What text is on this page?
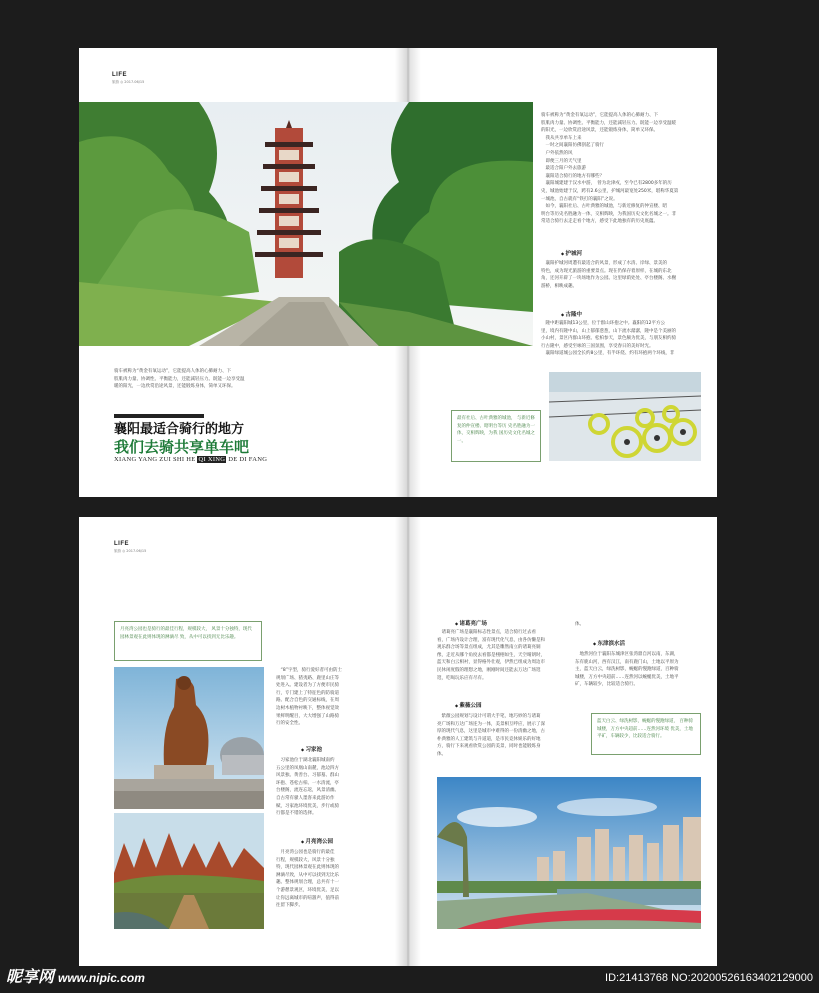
LIFE
旅游 ◎ 2017.06/15

骑车被称为“黄金有氧运动”，它能提高人体的心肺耐力、下
肢肌肉力量、协调性、平衡能力，还能减轻压力。既能一边享受温
暖的阳光，一边欣赏沿途风景，还能锻炼身体，简单又环保。

襄阳最适合骑行的地方
我们去骑共享单车吧
XIANG YANG ZUI SHI HE QI XING DE DI FANG

骑车被称为“黄金有氧运动”，它能提高人体的心肺耐力、下
肢肌肉力量、协调性、平衡能力，还能减轻压力。既能一边享受温暖
的阳光，一边欣赏沿途风景，还能锻炼身体，简单又环保。
　我从共享单车上来
　一时之间襄阳仿佛刮起了骑行
　户外依然的风
　即便三月的天气里
　最适合阳户外去旅游
　襄阳适合骑行的地方有哪些？
　襄阳城建建于汉水中游，　曾为北津戍，至今已有2800多年的历
史，城池始建于汉，跨有2.6公里，护城河最宽处250米，堪称华夏第
一城池，自古就有“铁打的襄阳”之说。
　如今，襄阳社后、古叶典雅的城池，与新近修复的仲宣楼、昭
明台等历史名胜融为一体，交相辉映，为我国历史文化名城之一。非
常适合骑行去走走看个地方，感受下此地独有的历史底蕴。

◆ 护城河

　襄阳护城河周遭有最适合的风景，形成了水清、岸绿、景美的
特色，成为现光旅游的重要景点。现在仍保存着原样，在城的东北
角，还河开辟了一块场地作为公园。这里绿荫处处、亭台楼阁、水榭
游桥，相映成趣。

◆ 古隆中

　隆中距襄阳城13公里，位于群山环抱之中。襄阳的12平方公
里，境内有隆中山，山上郁郁葱葱，山下流水潺潺，隆中是个美丽的
小山村，景区内群山环抱、松柏参天，景色颇为优美，与朋友相约骑
行古隆中，感受至咏的三国氛围，享受春日的美好时光。
　襄阳绿道城公园全长约8公里，有半环绕、约有环抱两个环线，非

最有社后、古叶典雅的城池， 与新近修复的仲宣楼、昭明台等历 史名胜融为一体，交相辉映，为我 国历史文化名城之一。
LIFE
旅游 ◎ 2017.06/15
月亮湾公园也是骑行的最佳行程，规模较大， 风景十分独特，现代园林景观在此则体现的淋漓尽 致，从中可以找到无比乐趣。

　“8”字型，骑行爱好者可由防士
规划广场、猪夷路、鹿里山庄等
处进入。建设者为了方便市民骑
行，专门建上了特征色的防骑道
路。配合自色的交通标线，在周
边树木植物衬映下，整体视觉效
果鲜明醒目，大大增强了山路骑
行的安全性。

◆ 习家池

　习家池位于湖北襄阳城南约
五公里的凤凰山南麓，池边四方
风景独、黄善台、习郁墓、群山
环抱、苍松古柏、一水清流，亭
台楼阁，流连忘返，风景清幽。
自古常有骚人墨客来此游访作
赋，习家池环境优美，步行或骑
行都是不错的选择。

◆ 月亮湾公园

　月亮湾公园也是骑行的最佳
行程，规模较大，风景十分独
特，现代园林景观在此则体现的
淋漓尽致，从中可以找到无比乐
趣。整体规划合理，总共有十一
个游憩景观区，环境优美，足以
让你远离城市的喧嚣声，值得前
往留下脚步。

◆ 诸葛亮广场

　诸葛亮广场是襄阳标志性景点，适合骑行过去看
看，广场内设计合理，富有现代化气息，由各仿懒是和
观乐群合场等景点组成，尤其是雕然南立的诸葛亮铜
像，走近从哪个角度去看都是栩栩如生，天空晴朗时，
蓝天和白云相衬，显得格外壮观，伊然已组成为周边市
民休闲度假的理想之地，刚刚时间还能去万达广场逛
逛，吃喝玩乐应有尽有。

◆ 紫薇公园

　紫薇公园规划与设计可谓大手笔，地巧妙的与诸葛
亮广场和万达广场连为一体，美景相互呼应，展示了深
厚的现代气息，这里是城市中难得的一份清幽之地，古
朴典雅的人工建筑与升道道，是市民竞休娱乐的好地
方，骑行下来观看欣赏公园的美景，同时也能锻炼身
体。

体。

◆ 东津滨水活

　地然河位于襄阳东城津区张湾鼎自河以南，东湖，
东有鹿山河，西有汉江，南有鹿门山，土地以平原为
主，蓝天白云，绿洗树影，蜿蜒的慢跑绿道，百种骑
城楼，万方中央超前……连然河以蜿蜒优美，土地平
矿，车辆较少，比较适合骑行。

蓝天白云、绿洗树影，蜿蜒的慢跑绿道， 百种骑城楼，万方中央超前……连然河环境 优美，土地平矿，车辆较少，比较适合骑行。
昵享网 www.nipic.com	ID:21413768 NO:20200526163402129000
